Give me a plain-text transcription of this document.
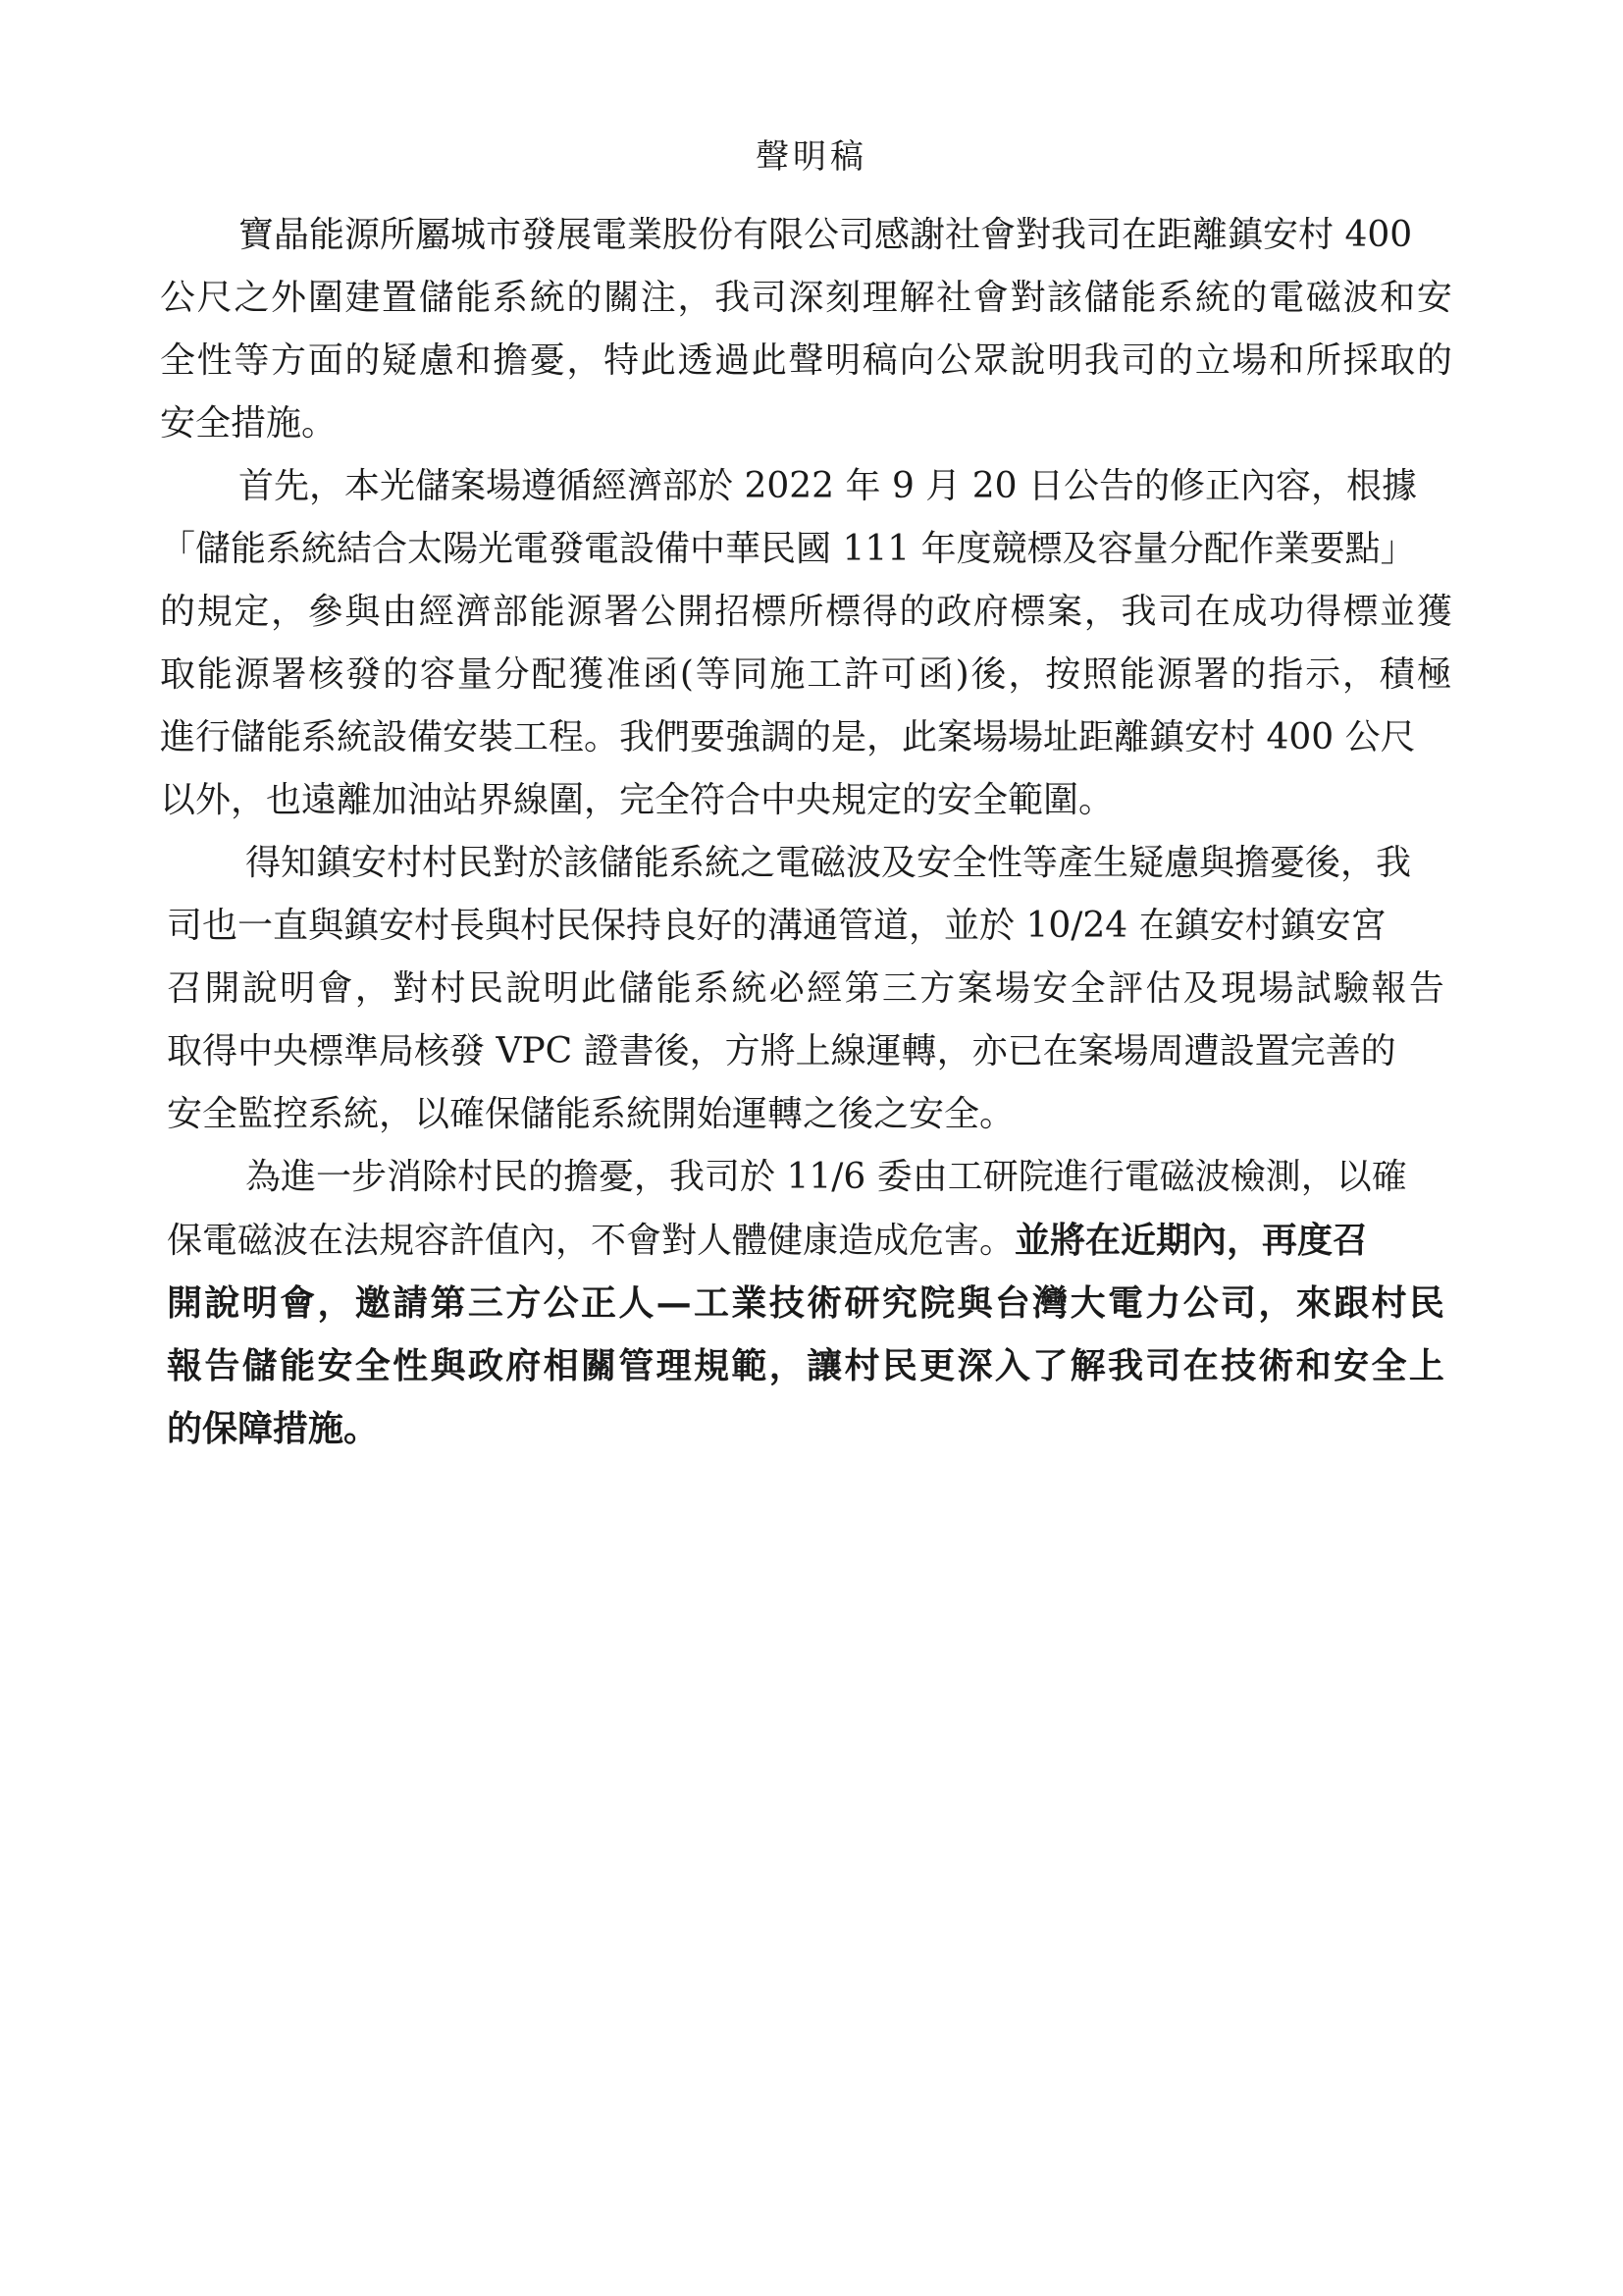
聲明稿
寶晶能源所屬城市發展電業股份有限公司感謝社會對我司在距離鎮安村 400
公 尺 之 外 圍 建 置 儲 能 系 統 的 關 注 ， 我 司 深 刻 理 解 社 會 對 該 儲 能 系 統 的 電 磁 波 和 安
全 性 等 方 面 的 疑 慮 和 擔 憂 ， 特 此 透 過 此 聲 明 稿 向 公 眾 說 明 我 司 的 立 場 和 所 採 取 的
安全措施。
首先，本光儲案場遵循經濟部於 2022 年 9 月 20 日公告的修正內容，根據
「儲能系統結合太陽光電發電設備中華民國 111 年度競標及容量分配作業要點」
的 規 定 ， 參 與 由 經 濟 部 能 源 署 公 開 招 標 所 標 得 的 政 府 標 案 ， 我 司 在 成 功 得 標 並 獲
取 能 源 署 核 發 的 容 量 分 配 獲 准 函 ( 等 同 施 工 許 可 函 ) 後 ， 按 照 能 源 署 的 指 示 ， 積 極
進行儲能系統設備安裝工程。我們要強調的是，此案場場址距離鎮安村 400 公尺
以外，也遠離加油站界線圍，完全符合中央規定的安全範圍。
得知鎮安村村民對於該儲能系統之電磁波及安全性等產生疑慮與擔憂後，我
司也一直與鎮安村長與村民保持良好的溝通管道，並於 10/24 在鎮安村鎮安宮
召 開 說 明 會 ， 對 村 民 說 明 此 儲 能 系 統 必 經 第 三 方 案 場 安 全 評 估 及 現 場 試 驗 報 告
取得中央標準局核發 VPC 證書後，方將上線運轉，亦已在案場周遭設置完善的
安全監控系統，以確保儲能系統開始運轉之後之安全。
為進一步消除村民的擔憂，我司於 11/6 委由工研院進行電磁波檢測，以確
保電磁波在法規容許值內，不會對人體健康造成危害。並將在近期內，再度召
開 說 明 會 ， 邀 請 第 三 方 公 正 人 — 工 業 技 術 研 究 院 與 台 灣 大 電 力 公 司 ， 來 跟 村 民
報 告 儲 能 安 全 性 與 政 府 相 關 管 理 規 範 ， 讓 村 民 更 深 入 了 解 我 司 在 技 術 和 安 全 上
的保障措施。
